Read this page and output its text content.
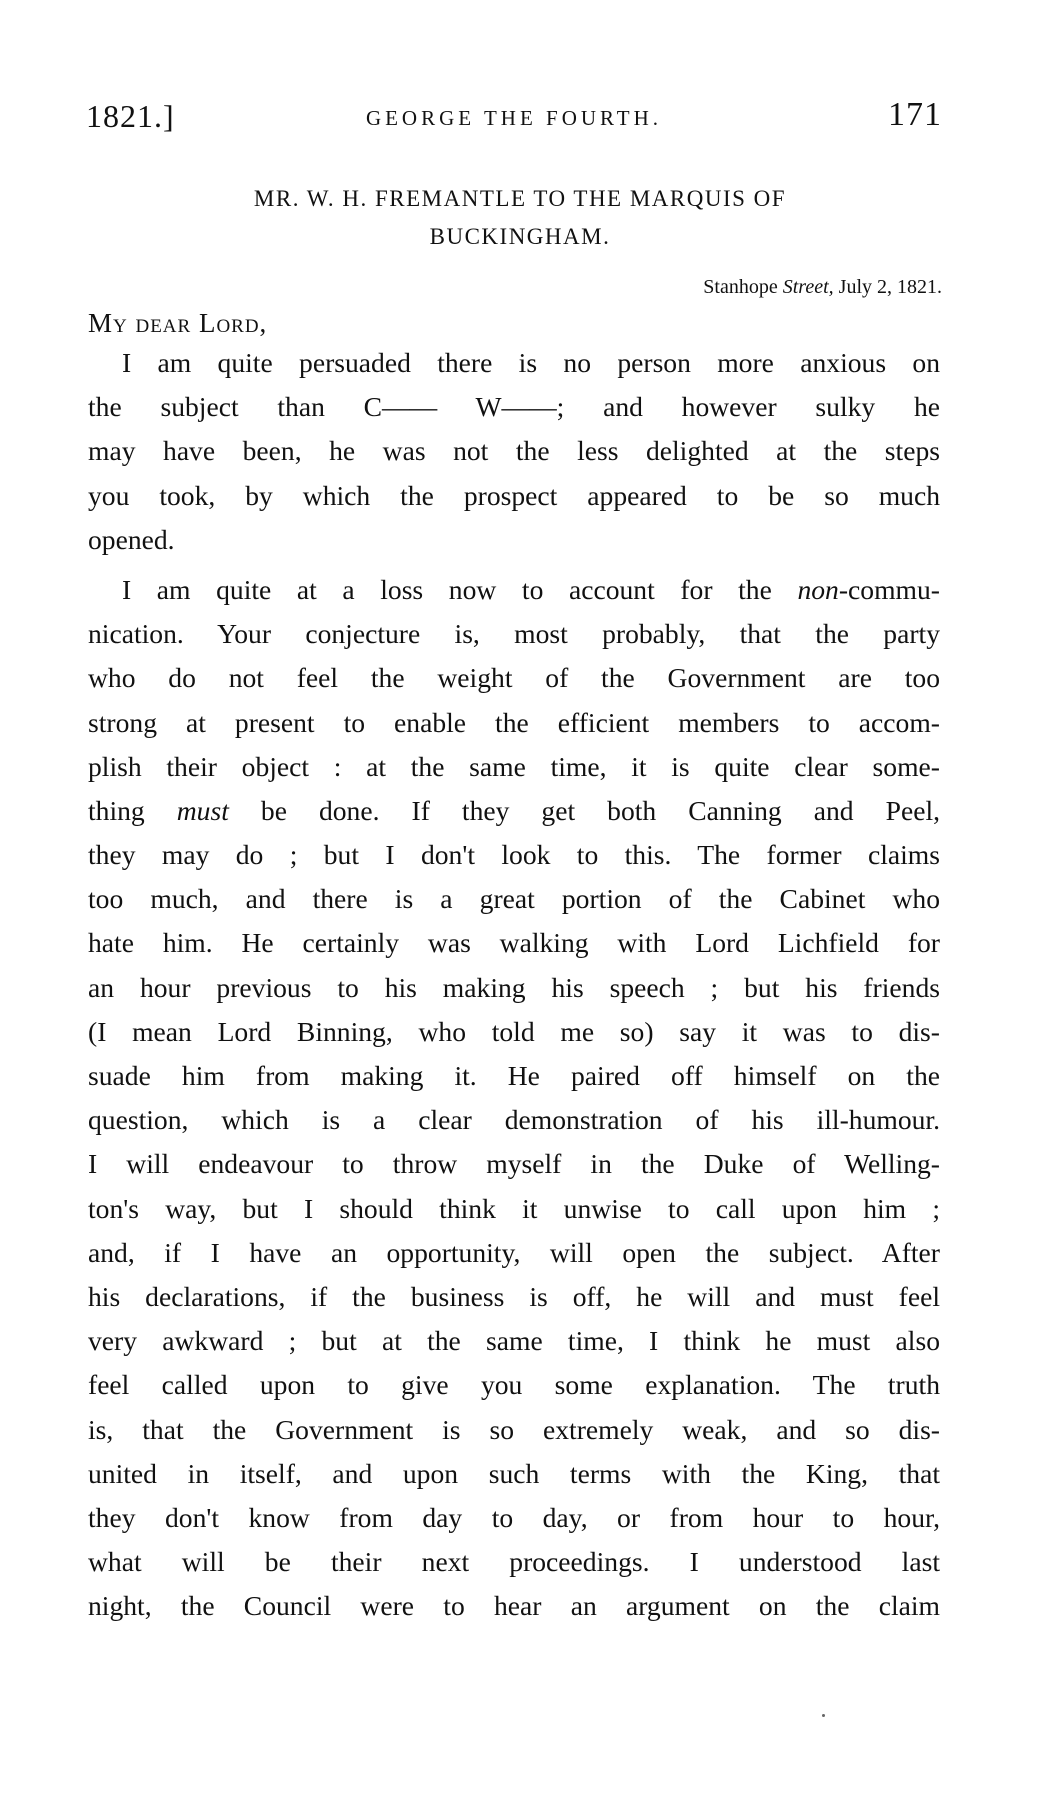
1821.]	GEORGE THE FOURTH.	171
MR. W. H. FREMANTLE TO THE MARQUIS OF
BUCKINGHAM.
Stanhope Street, July 2, 1821.
My dear Lord,
I am quite persuaded there is no person more anxious on
the subject than C—— W——; and however sulky he
may have been, he was not the less delighted at the steps
you took, by which the prospect appeared to be so much
opened.
I am quite at a loss now to account for the non-commu-
nication. Your conjecture is, most probably, that the party
who do not feel the weight of the Government are too
strong at present to enable the efficient members to accom-
plish their object : at the same time, it is quite clear some-
thing must be done. If they get both Canning and Peel,
they may do ; but I don't look to this. The former claims
too much, and there is a great portion of the Cabinet who
hate him. He certainly was walking with Lord Lichfield for
an hour previous to his making his speech ; but his friends
(I mean Lord Binning, who told me so) say it was to dis-
suade him from making it. He paired off himself on the
question, which is a clear demonstration of his ill-humour.
I will endeavour to throw myself in the Duke of Welling-
ton's way, but I should think it unwise to call upon him ;
and, if I have an opportunity, will open the subject. After
his declarations, if the business is off, he will and must feel
very awkward ; but at the same time, I think he must also
feel called upon to give you some explanation. The truth
is, that the Government is so extremely weak, and so dis-
united in itself, and upon such terms with the King, that
they don't know from day to day, or from hour to hour,
what will be their next proceedings. I understood last
night, the Council were to hear an argument on the claim
